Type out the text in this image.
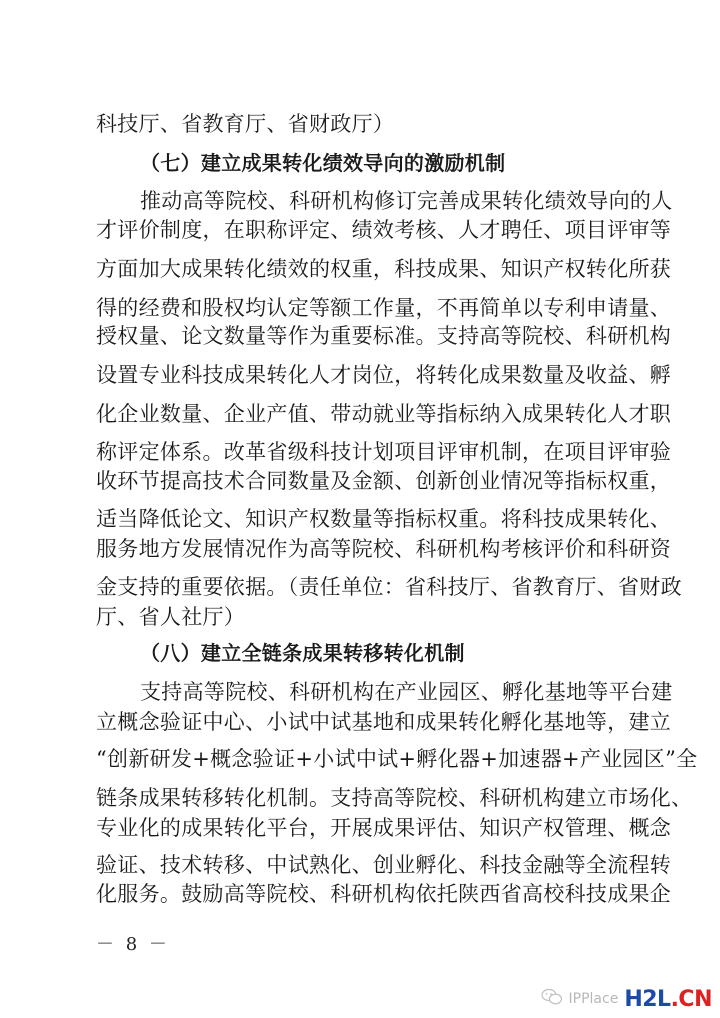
科技厅、省教育厅、省财政厅）
（七）建立成果转化绩效导向的激励机制
推动高等院校、科研机构修订完善成果转化绩效导向的人
才评价制度，在职称评定、绩效考核、人才聘任、项目评审等
方面加大成果转化绩效的权重，科技成果、知识产权转化所获
得的经费和股权均认定等额工作量，不再简单以专利申请量、
授权量、论文数量等作为重要标准。支持高等院校、科研机构
设置专业科技成果转化人才岗位，将转化成果数量及收益、孵
化企业数量、企业产值、带动就业等指标纳入成果转化人才职
称评定体系。改革省级科技计划项目评审机制，在项目评审验
收环节提高技术合同数量及金额、创新创业情况等指标权重，
适当降低论文、知识产权数量等指标权重。将科技成果转化、
服务地方发展情况作为高等院校、科研机构考核评价和科研资
金支持的重要依据。（责任单位：省科技厅、省教育厅、省财政
厅、省人社厅）
（八）建立全链条成果转移转化机制
支持高等院校、科研机构在产业园区、孵化基地等平台建
立概念验证中心、小试中试基地和成果转化孵化基地等，建立
“创新研发+概念验证+小试中试+孵化器+加速器+产业园区”全
链条成果转移转化机制。支持高等院校、科研机构建立市场化、
专业化的成果转化平台，开展成果评估、知识产权管理、概念
验证、技术转移、中试熟化、创业孵化、科技金融等全流程转
化服务。鼓励高等院校、科研机构依托陕西省高校科技成果企
－ 8 －
IPPlace H2L.CN
